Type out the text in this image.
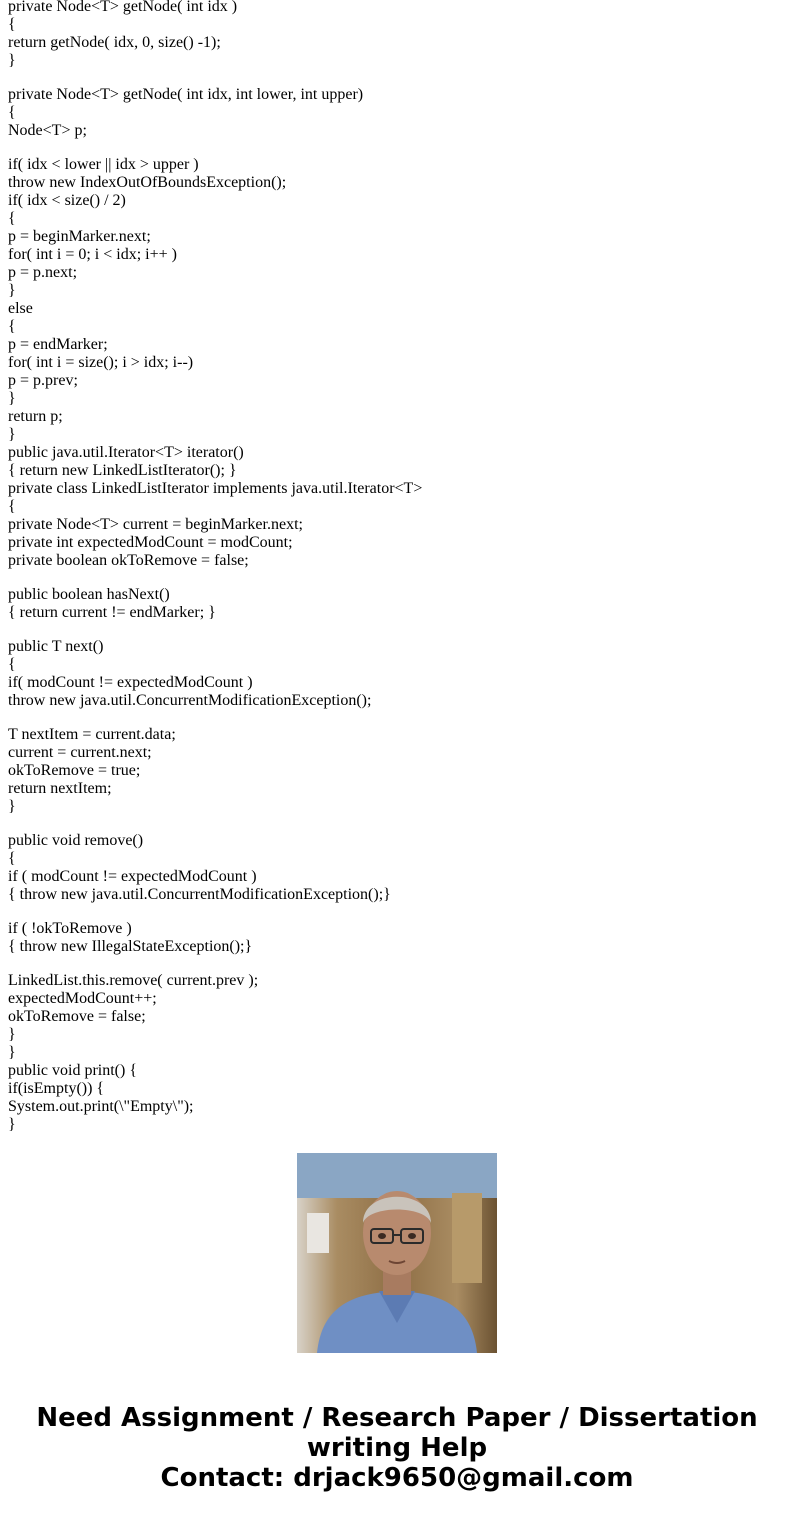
private Node<T> getNode( int idx )
{
return getNode( idx, 0, size() -1);
}
private Node<T> getNode( int idx, int lower, int upper)
{
Node<T> p;
if( idx < lower || idx > upper )
throw new IndexOutOfBoundsException();
if( idx < size() / 2)
{
p = beginMarker.next;
for( int i = 0; i < idx; i++ )
p = p.next;
}
else
{
p = endMarker;
for( int i = size(); i > idx; i--)
p = p.prev;
}
return p;
}
public java.util.Iterator<T> iterator()
{ return new LinkedListIterator(); }
private class LinkedListIterator implements java.util.Iterator<T>
{
private Node<T> current = beginMarker.next;
private int expectedModCount = modCount;
private boolean okToRemove = false;
public boolean hasNext()
{ return current != endMarker; }
public T next()
{
if( modCount != expectedModCount )
throw new java.util.ConcurrentModificationException();
T nextItem = current.data;
current = current.next;
okToRemove = true;
return nextItem;
}
public void remove()
{
if ( modCount != expectedModCount )
{ throw new java.util.ConcurrentModificationException();}
if ( !okToRemove )
{ throw new IllegalStateException();}
LinkedList.this.remove( current.prev );
expectedModCount++;
okToRemove = false;
}
}
public void print() {
if(isEmpty()) {
System.out.print(\"Empty\");
}
Need Assignment / Research Paper / Dissertation
writing Help
Contact: drjack9650@gmail.com
